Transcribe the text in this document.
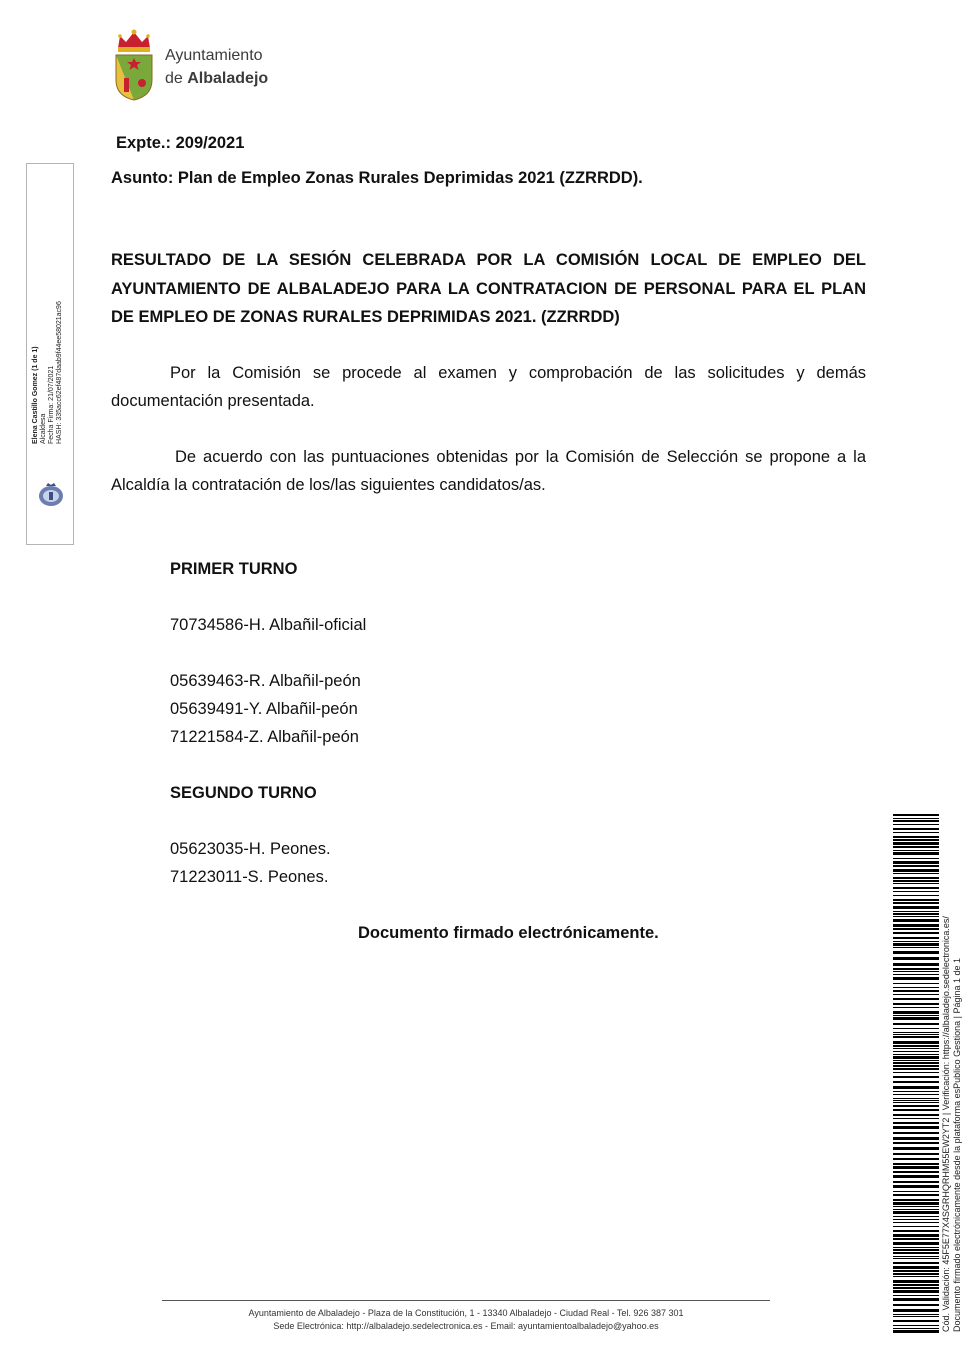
Ayuntamiento
de Albaladejo
Elena Castillo Gomez (1 de 1) Alcaldesa Fecha Firma: 21/07/2021 HASH: 335acc62ef487daab9f44ee58021ac96

Expte.: 209/2021

Asunto: Plan de Empleo Zonas Rurales Deprimidas 2021 (ZZRRDD).

RESULTADO DE LA SESIÓN CELEBRADA POR LA COMISIÓN LOCAL DE EMPLEO DEL AYUNTAMIENTO DE ALBALADEJO PARA LA CONTRATACION DE PERSONAL PARA EL PLAN DE EMPLEO DE ZONAS RURALES DEPRIMIDAS 2021. (ZZRRDD)

Por la Comisión se procede al examen y comprobación de las solicitudes y demás documentación presentada.

De acuerdo con las puntuaciones obtenidas por la Comisión de Selección se propone a la Alcaldía la contratación de los/las siguientes candidatos/as.

PRIMER TURNO

70734586-H. Albañil-oficial

05639463-R. Albañil-peón

05639491-Y. Albañil-peón

71221584-Z. Albañil-peón

SEGUNDO TURNO

05623035-H. Peones.

71223011-S. Peones.

Documento firmado electrónicamente.	Cód. Validación: 45F5E77X4SGRHQRHM55EW2YT2 | Verificación: https://albaladejo.sedelectronica.es/ Documento firmado electrónicamente desde la plataforma esPublico Gestiona | Página 1 de 1
Ayuntamiento de Albaladejo - Plaza de la Constitución, 1 - 13340 Albaladejo - Ciudad Real - Tel. 926 387 301
Sede Electrónica: http://albaladejo.sedelectronica.es - Email: ayuntamientoalbaladejo@yahoo.es
